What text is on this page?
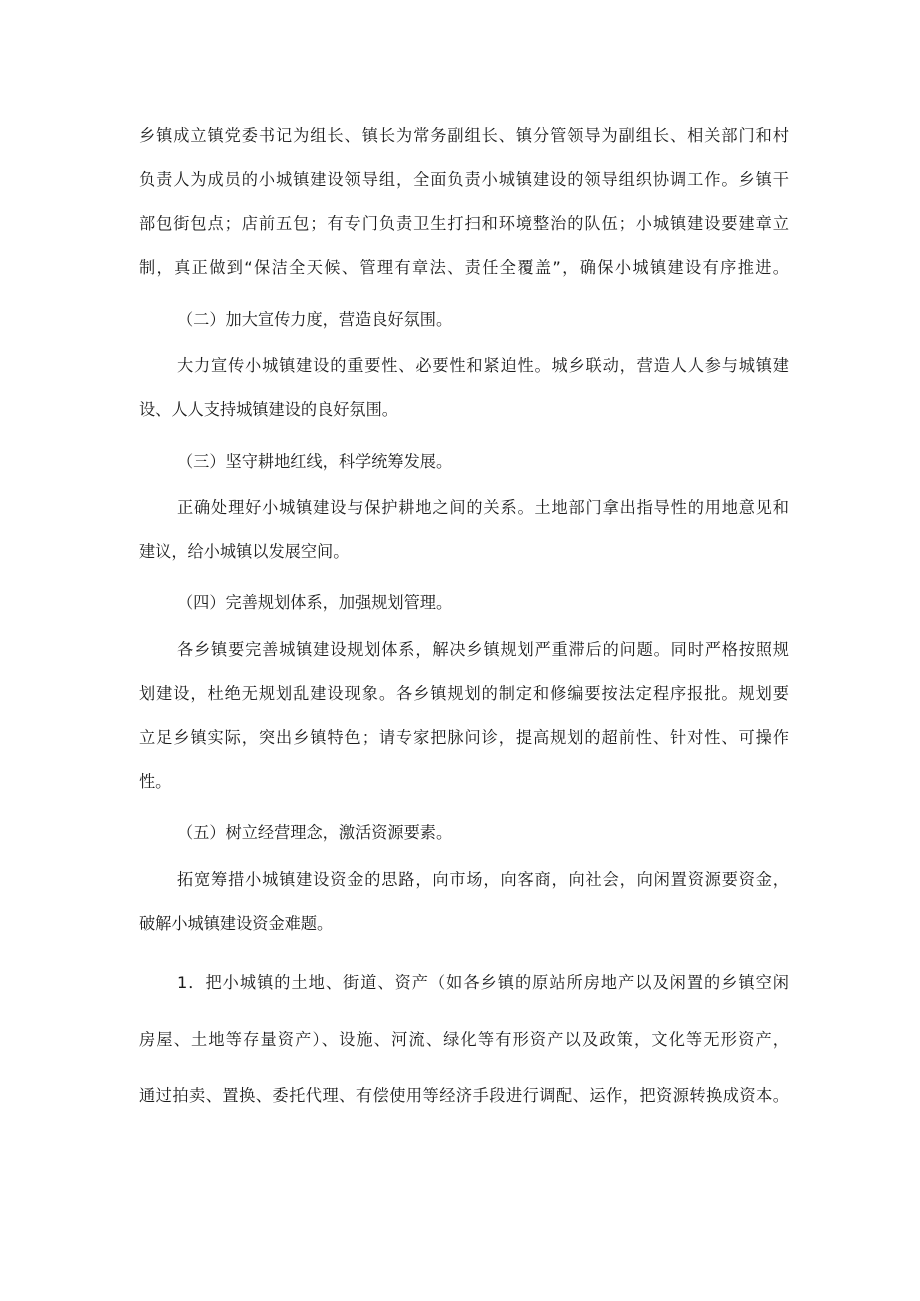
乡镇成立镇党委书记为组长、镇长为常务副组长、镇分管领导为副组长、相关部门和村
负责人为成员的小城镇建设领导组，全面负责小城镇建设的领导组织协调工作。乡镇干
部包街包点；店前五包；有专门负责卫生打扫和环境整治的队伍；小城镇建设要建章立
制，真正做到“保洁全天候、管理有章法、责任全覆盖”，确保小城镇建设有序推进。
（二）加大宣传力度，营造良好氛围。
大力宣传小城镇建设的重要性、必要性和紧迫性。城乡联动，营造人人参与城镇建
设、人人支持城镇建设的良好氛围。
（三）坚守耕地红线，科学统筹发展。
正确处理好小城镇建设与保护耕地之间的关系。土地部门拿出指导性的用地意见和
建议，给小城镇以发展空间。
（四）完善规划体系，加强规划管理。
各乡镇要完善城镇建设规划体系，解决乡镇规划严重滞后的问题。同时严格按照规
划建设，杜绝无规划乱建设现象。各乡镇规划的制定和修编要按法定程序报批。规划要
立足乡镇实际，突出乡镇特色；请专家把脉问诊，提高规划的超前性、针对性、可操作
性。
（五）树立经营理念，激活资源要素。
拓宽筹措小城镇建设资金的思路，向市场，向客商，向社会，向闲置资源要资金，
破解小城镇建设资金难题。
1．把小城镇的土地、街道、资产（如各乡镇的原站所房地产以及闲置的乡镇空闲
房屋、土地等存量资产）、设施、河流、绿化等有形资产以及政策，文化等无形资产，
通过拍卖、置换、委托代理、有偿使用等经济手段进行调配、运作，把资源转换成资本。
